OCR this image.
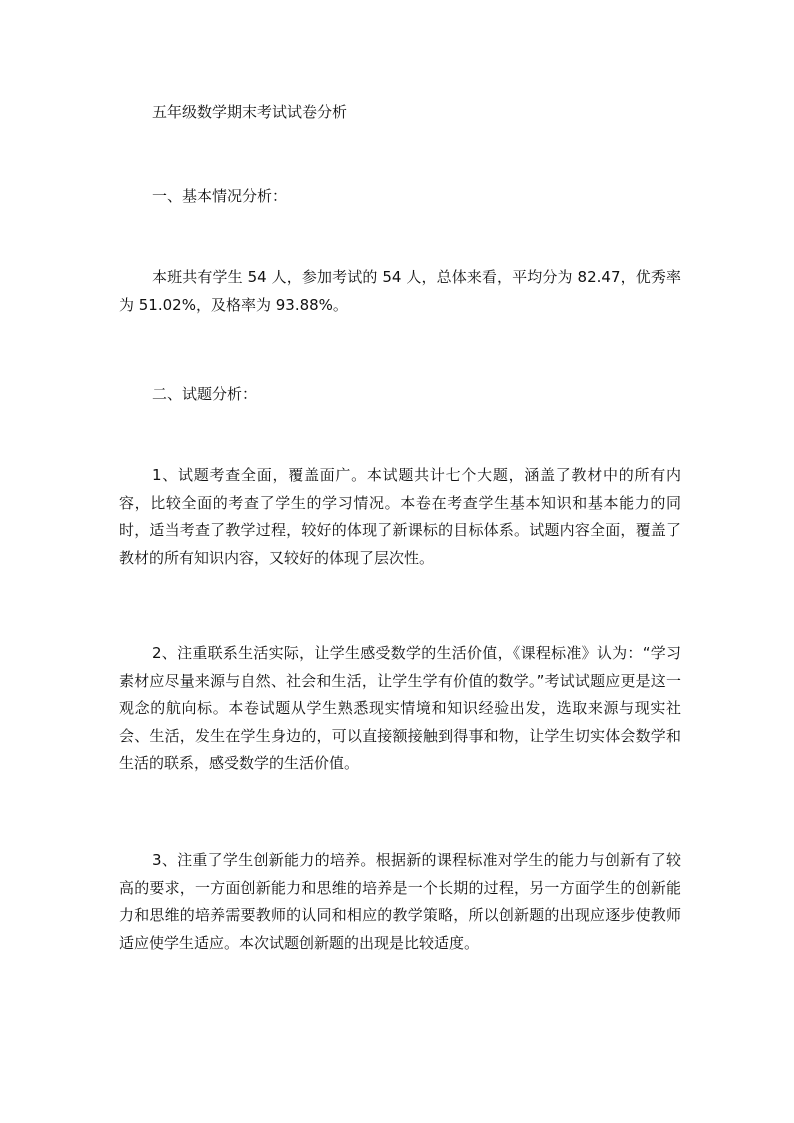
五年级数学期末考试试卷分析
一、基本情况分析：

本班共有学生 54 人，参加考试的 54 人，总体来看，平均分为 82.47，优秀率为 51.02%，及格率为 93.88%。

二、试题分析：

1、试题考查全面，覆盖面广。本试题共计七个大题，涵盖了教材中的所有内容，比较全面的考查了学生的学习情况。本卷在考查学生基本知识和基本能力的同时，适当考查了教学过程，较好的体现了新课标的目标体系。试题内容全面，覆盖了教材的所有知识内容，又较好的体现了层次性。

2、注重联系生活实际，让学生感受数学的生活价值，《课程标准》认为：“学习素材应尽量来源与自然、社会和生活，让学生学有价值的数学。”考试试题应更是这一观念的航向标。本卷试题从学生熟悉现实情境和知识经验出发，选取来源与现实社会、生活，发生在学生身边的，可以直接额接触到得事和物，让学生切实体会数学和生活的联系，感受数学的生活价值。

3、注重了学生创新能力的培养。根据新的课程标准对学生的能力与创新有了较高的要求，一方面创新能力和思维的培养是一个长期的过程，另一方面学生的创新能力和思维的培养需要教师的认同和相应的教学策略，所以创新题的出现应逐步使教师适应使学生适应。本次试题创新题的出现是比较适度。
